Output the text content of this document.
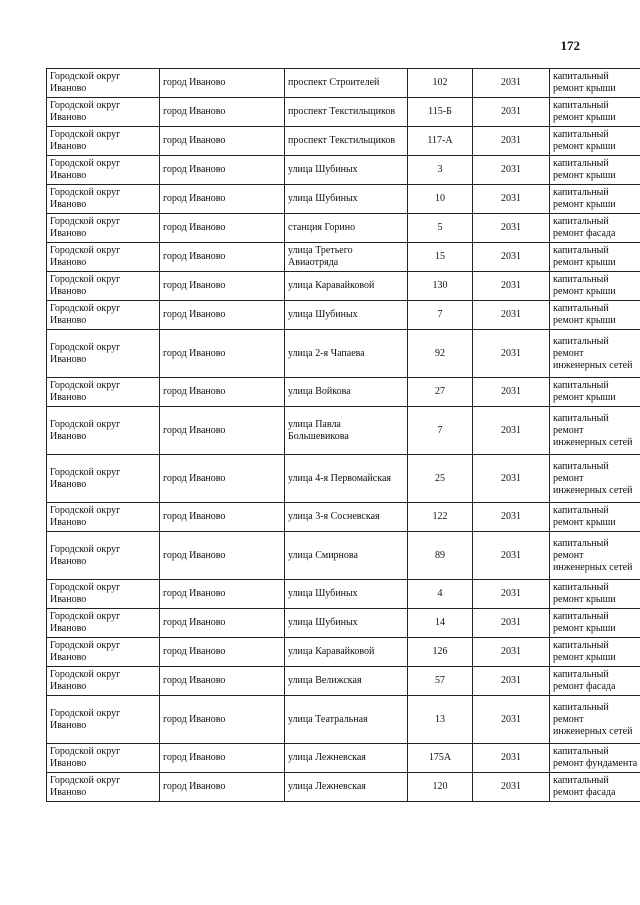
172
Городской округ Иваново	город Иваново	проспект Строителей	102	2031	капитальный ремонт крыши
Городской округ Иваново	город Иваново	проспект Текстильщиков	115-Б	2031	капитальный ремонт крыши
Городской округ Иваново	город Иваново	проспект Текстильщиков	117-А	2031	капитальный ремонт крыши
Городской округ Иваново	город Иваново	улица Шубиных	3	2031	капитальный ремонт крыши
Городской округ Иваново	город Иваново	улица Шубиных	10	2031	капитальный ремонт крыши
Городской округ Иваново	город Иваново	станция Горино	5	2031	капитальный ремонт фасада
Городской округ Иваново	город Иваново	улица Третьего Авиаотряда	15	2031	капитальный ремонт крыши
Городской округ Иваново	город Иваново	улица Каравайковой	130	2031	капитальный ремонт крыши
Городской округ Иваново	город Иваново	улица Шубиных	7	2031	капитальный ремонт крыши
Городской округ Иваново	город Иваново	улица 2-я Чапаева	92	2031	капитальный ремонт инженерных сетей
Городской округ Иваново	город Иваново	улица Войкова	27	2031	капитальный ремонт крыши
Городской округ Иваново	город Иваново	улица Павла Большевикова	7	2031	капитальный ремонт инженерных сетей
Городской округ Иваново	город Иваново	улица 4-я Первомайская	25	2031	капитальный ремонт инженерных сетей
Городской округ Иваново	город Иваново	улица 3-я Сосневская	122	2031	капитальный ремонт крыши
Городской округ Иваново	город Иваново	улица Смирнова	89	2031	капитальный ремонт инженерных сетей
Городской округ Иваново	город Иваново	улица Шубиных	4	2031	капитальный ремонт крыши
Городской округ Иваново	город Иваново	улица Шубиных	14	2031	капитальный ремонт крыши
Городской округ Иваново	город Иваново	улица Каравайковой	126	2031	капитальный ремонт крыши
Городской округ Иваново	город Иваново	улица Велижская	57	2031	капитальный ремонт фасада
Городской округ Иваново	город Иваново	улица Театральная	13	2031	капитальный ремонт инженерных сетей
Городской округ Иваново	город Иваново	улица Лежневская	175А	2031	капитальный ремонт фундамента
Городской округ Иваново	город Иваново	улица Лежневская	120	2031	капитальный ремонт фасада
